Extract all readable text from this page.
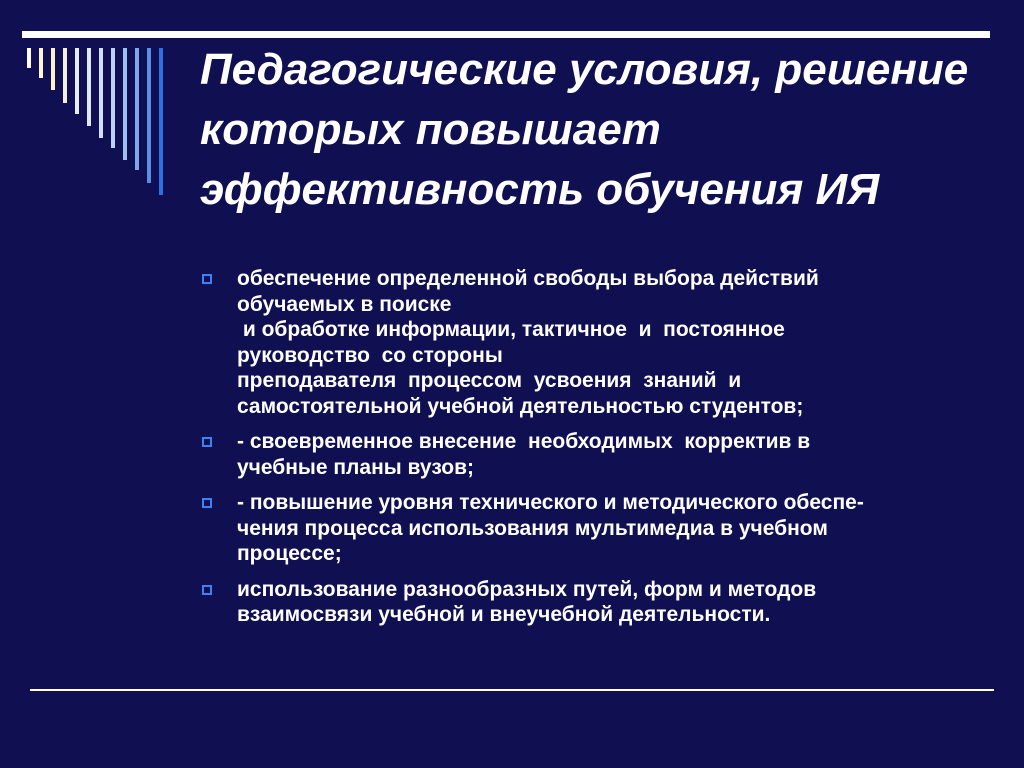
Педагогические условия, решение
которых повышает
эффективность обучения ИЯ
обеспечение определенной свободы выбора действий
обучаемых в поиске
и обработке информации, тактичное  и  постоянное
руководство  со стороны
преподавателя  процессом  усвоения  знаний  и
самостоятельной учебной деятельностью студентов;
- своевременное внесение  необходимых  корректив в
учебные планы вузов;
- повышение уровня технического и методического обеспе-
чения процесса использования мультимедиа в учебном
процессе;
использование разнообразных путей, форм и методов
взаимосвязи учебной и внеучебной деятельности.
